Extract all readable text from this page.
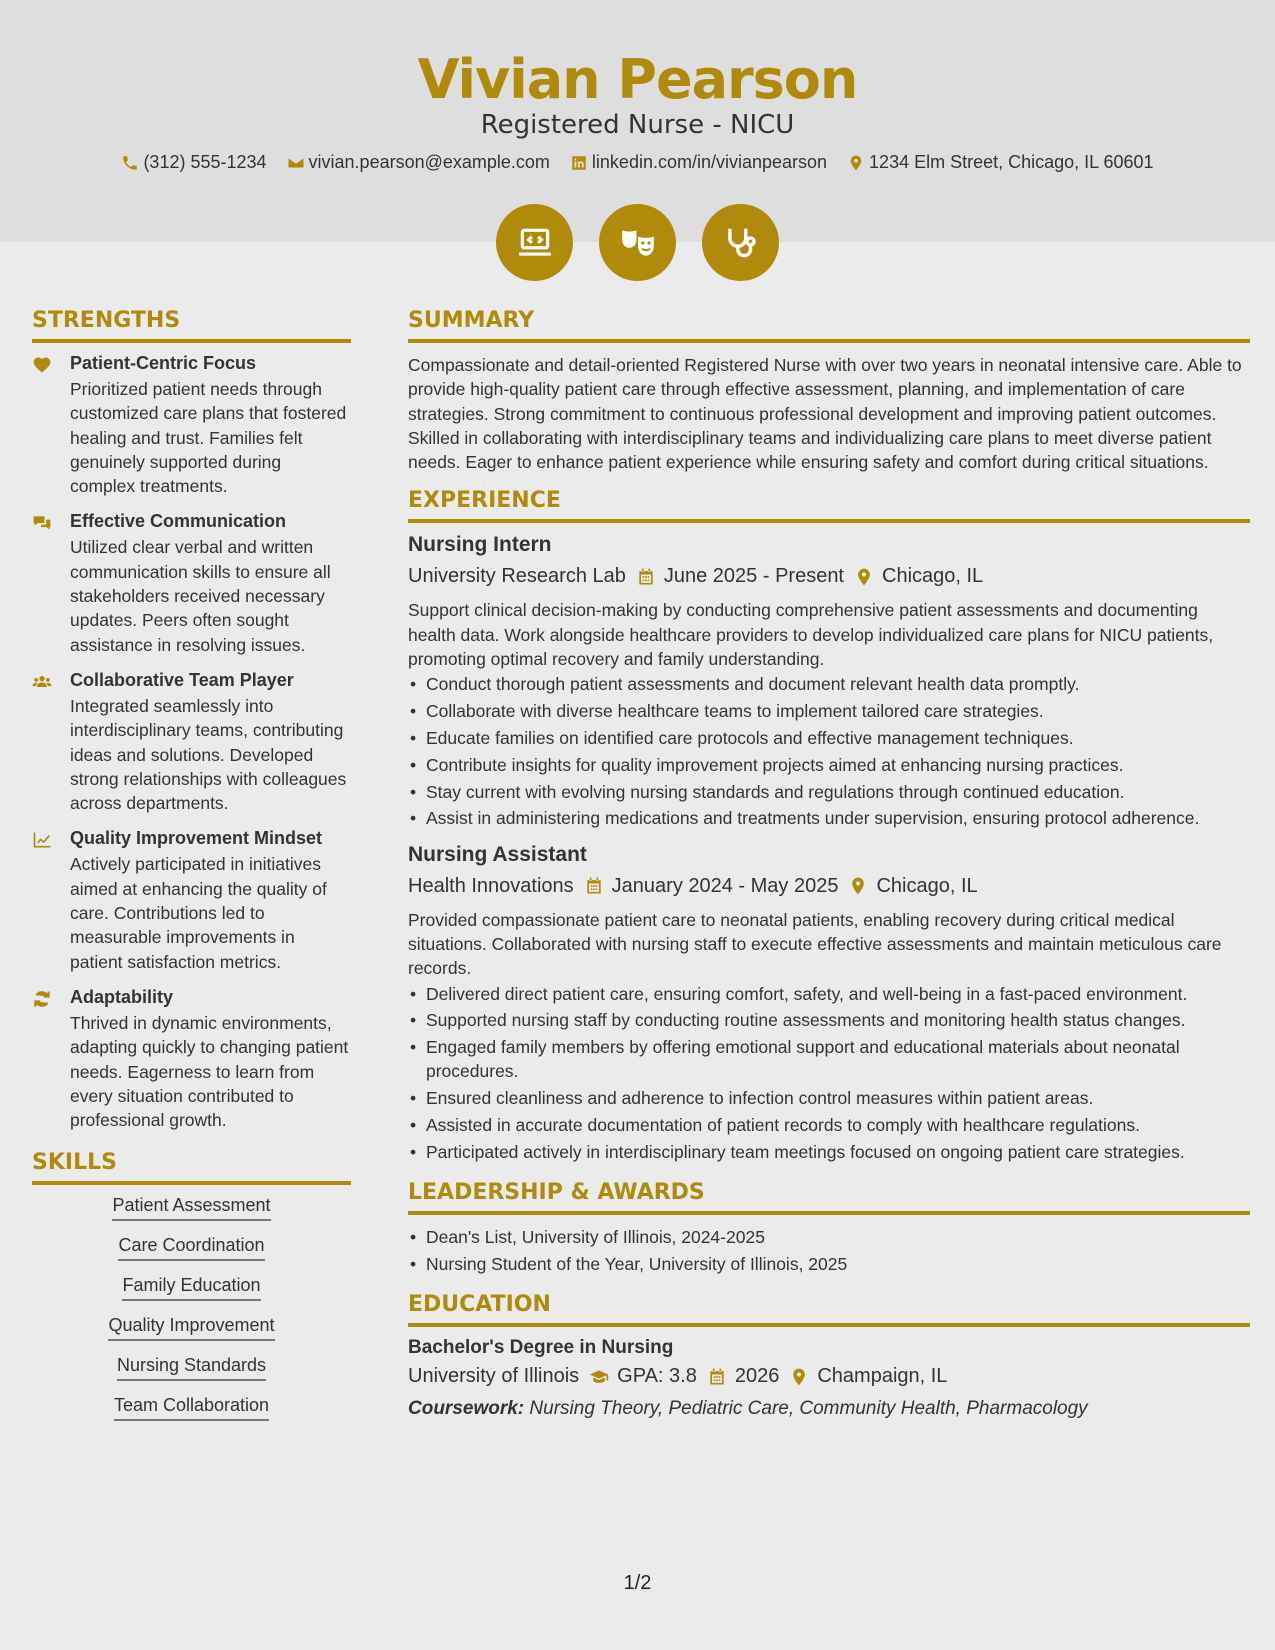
Vivian Pearson
Registered Nurse - NICU
(312) 555-1234 vivian.pearson@example.com linkedin.com/in/vivianpearson 1234 Elm Street, Chicago, IL 60601
STRENGTHS
Patient-Centric Focus

Prioritized patient needs through customized care plans that fostered healing and trust. Families felt genuinely supported during complex treatments.

Effective Communication

Utilized clear verbal and written communication skills to ensure all stakeholders received necessary updates. Peers often sought assistance in resolving issues.

Collaborative Team Player

Integrated seamlessly into interdisciplinary teams, contributing ideas and solutions. Developed strong relationships with colleagues across departments.

Quality Improvement Mindset

Actively participated in initiatives aimed at enhancing the quality of care. Contributions led to measurable improvements in patient satisfaction metrics.

Adaptability

Thrived in dynamic environments, adapting quickly to changing patient needs. Eagerness to learn from every situation contributed to professional growth.

SKILLS
Patient Assessment
Care Coordination
Family Education
Quality Improvement
Nursing Standards
Team Collaboration
SUMMARY

Compassionate and detail-oriented Registered Nurse with over two years in neonatal intensive care. Able to provide high-quality patient care through effective assessment, planning, and implementation of care strategies. Strong commitment to continuous professional development and improving patient outcomes. Skilled in collaborating with interdisciplinary teams and individualizing care plans to meet diverse patient needs. Eager to enhance patient experience while ensuring safety and comfort during critical situations.

EXPERIENCE
Nursing Intern
University Research Lab June 2025 - Present Chicago, IL
Support clinical decision-making by conducting comprehensive patient assessments and documenting health data. Work alongside healthcare providers to develop individualized care plans for NICU patients, promoting optimal recovery and family understanding.
• Conduct thorough patient assessments and document relevant health data promptly.
• Collaborate with diverse healthcare teams to implement tailored care strategies.
• Educate families on identified care protocols and effective management techniques.
• Contribute insights for quality improvement projects aimed at enhancing nursing practices.
• Stay current with evolving nursing standards and regulations through continued education.
• Assist in administering medications and treatments under supervision, ensuring protocol adherence.
Nursing Assistant
Health Innovations January 2024 - May 2025 Chicago, IL
Provided compassionate patient care to neonatal patients, enabling recovery during critical medical situations. Collaborated with nursing staff to execute effective assessments and maintain meticulous care records.
• Delivered direct patient care, ensuring comfort, safety, and well-being in a fast-paced environment.
• Supported nursing staff by conducting routine assessments and monitoring health status changes.
• Engaged family members by offering emotional support and educational materials about neonatal procedures.
• Ensured cleanliness and adherence to infection control measures within patient areas.
• Assisted in accurate documentation of patient records to comply with healthcare regulations.
• Participated actively in interdisciplinary team meetings focused on ongoing patient care strategies.
LEADERSHIP & AWARDS
• Dean's List, University of Illinois, 2024-2025
• Nursing Student of the Year, University of Illinois, 2025
EDUCATION
Bachelor's Degree in Nursing
University of Illinois GPA: 3.8 2026 Champaign, IL
Coursework: Nursing Theory, Pediatric Care, Community Health, Pharmacology
1/2
